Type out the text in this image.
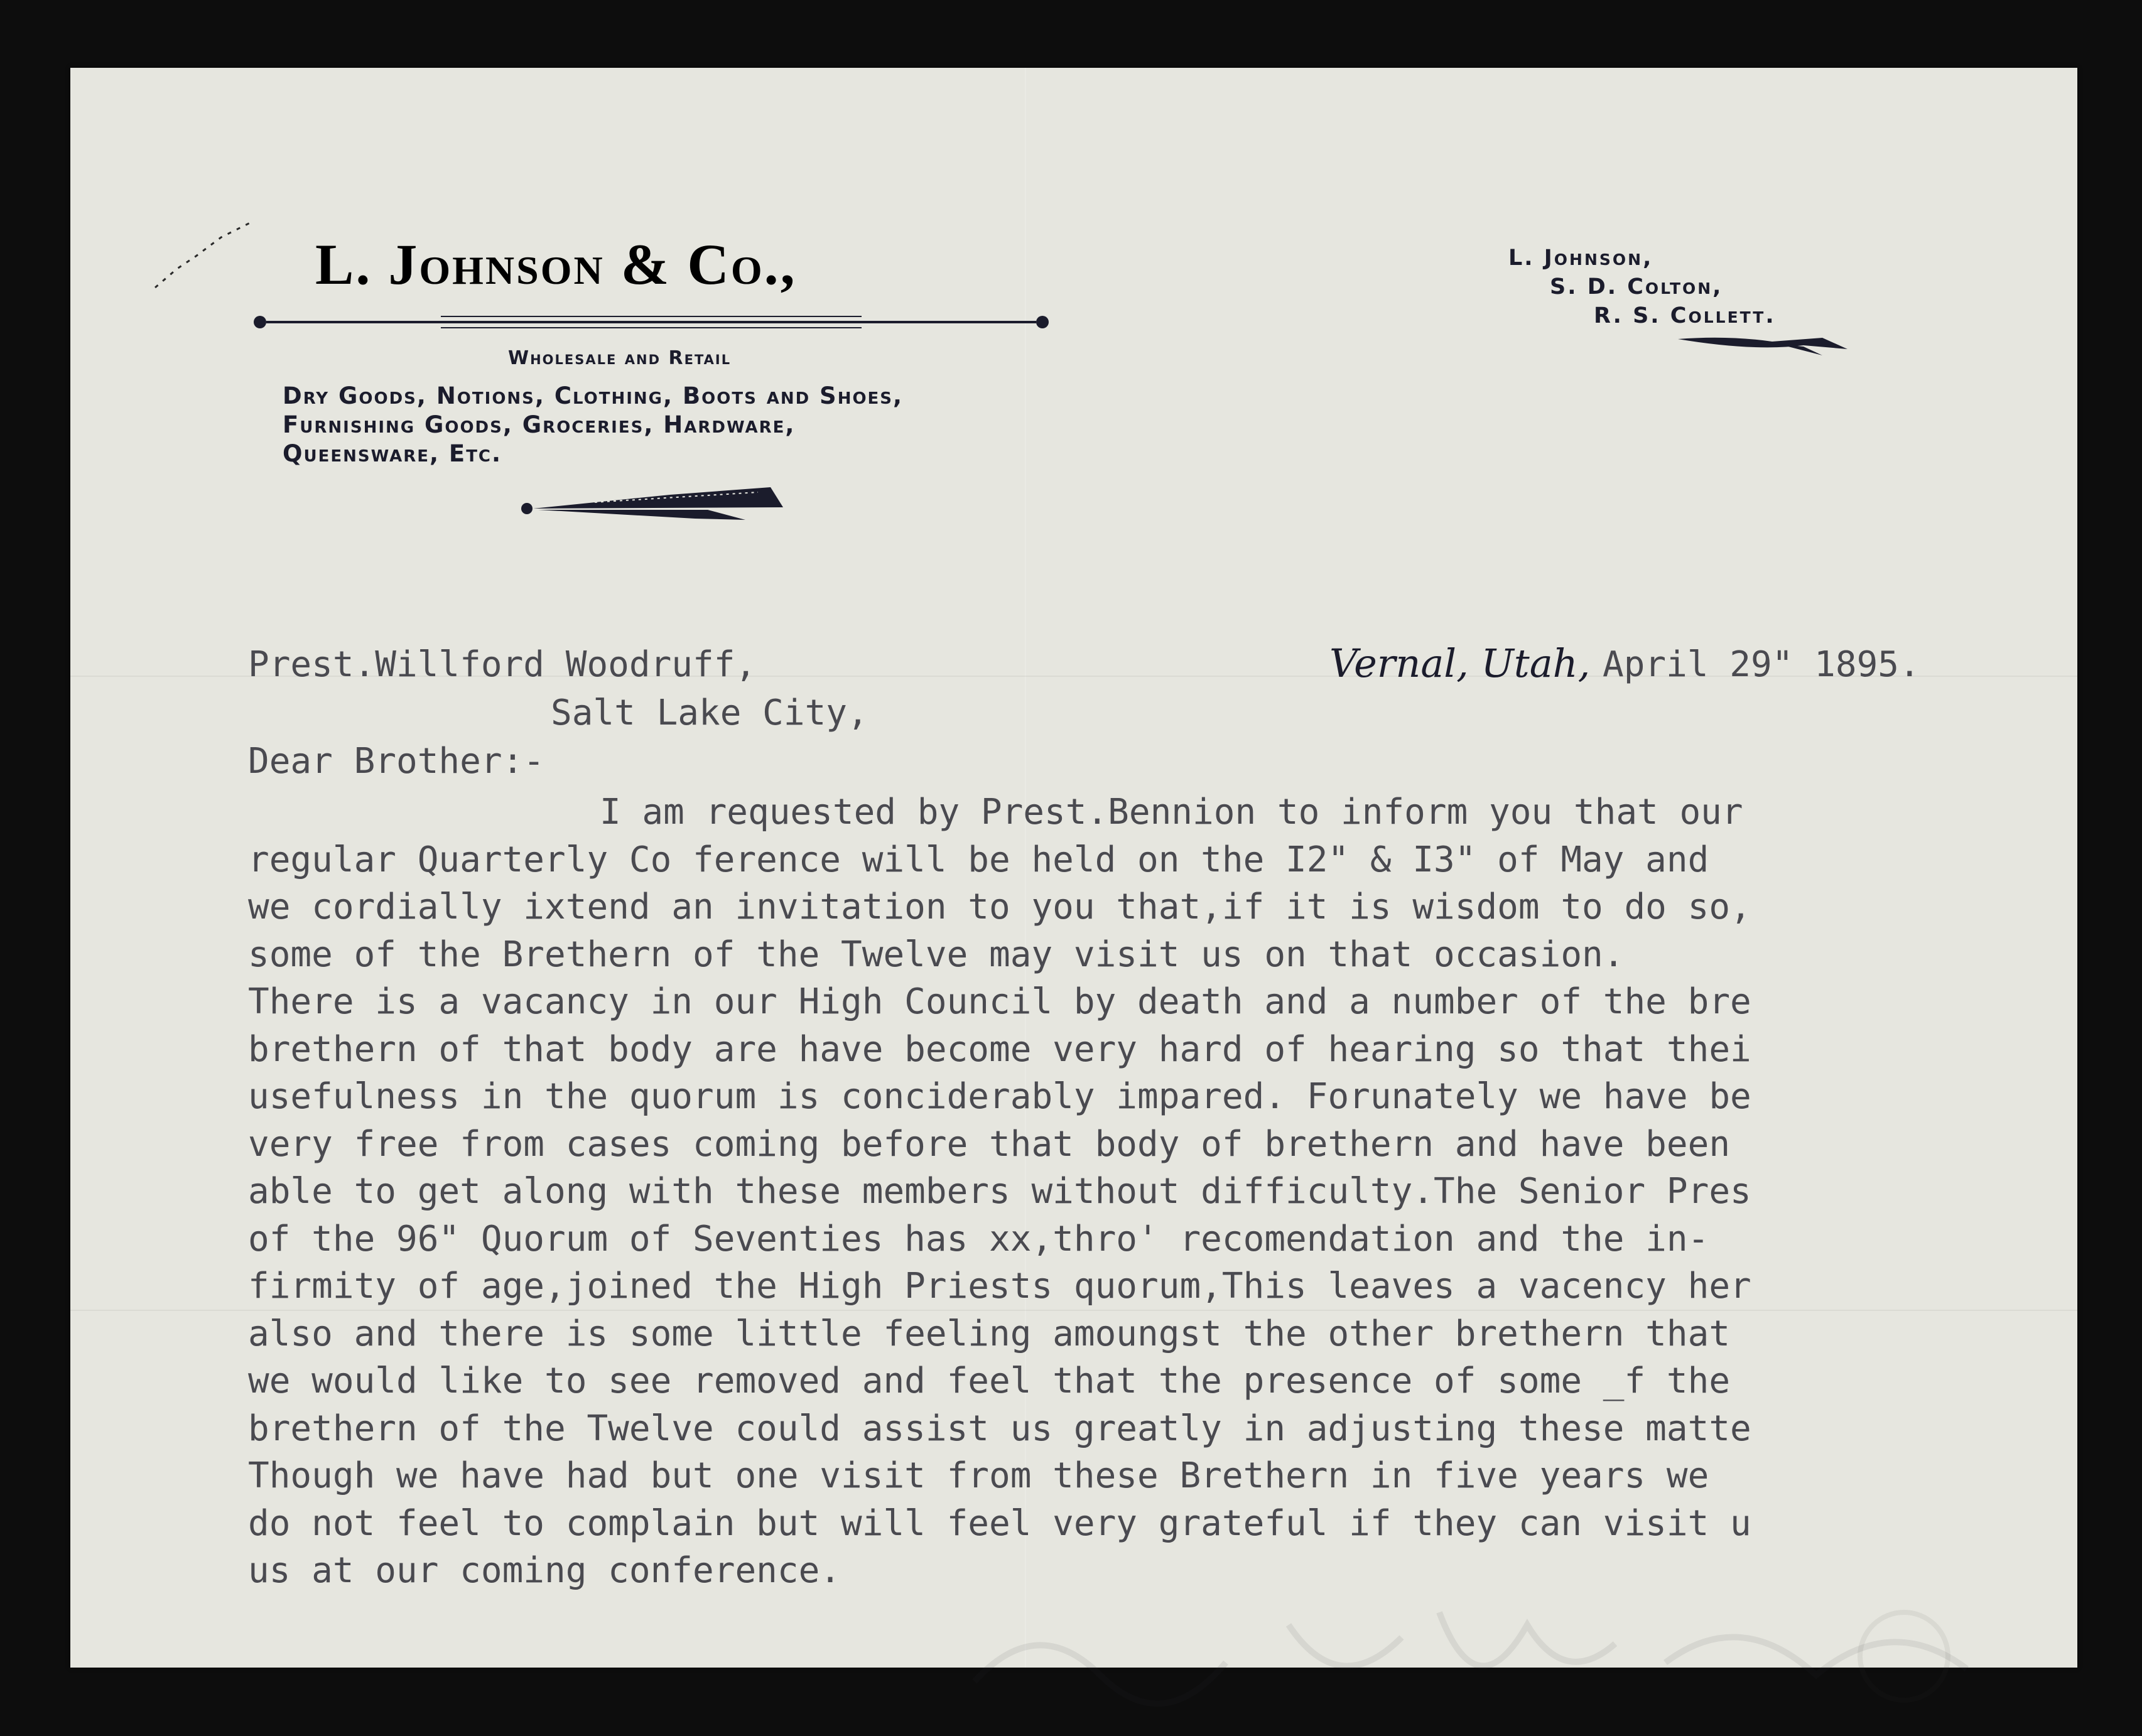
L. Johnson & Co.,
Wholesale and Retail
Dry Goods, Notions, Clothing, Boots and Shoes,
Furnishing Goods, Groceries, Hardware,
Queensware, Etc.
L. Johnson,
S. D. Colton,
R. S. Collett.
Prest.Willford Woodruff,
Salt Lake City,
Vernal, Utah, April 29" 1895.
Dear Brother:-
I am requested by Prest.Bennion to inform you that our
regular Quarterly Co ference will be held on the I2" & I3" of May and
we cordially ixtend an invitation to you that,if it is wisdom to do so,
some of the Brethern of the Twelve may visit us on that occasion.
There is a vacancy in our High Council by death and a number of the bre
brethern of that body are have become very hard of hearing so that thei
usefulness in the quorum is conciderably impared. Forunately we have be
very free from cases coming before that body of brethern and have been
able to get along with these members without difficulty.The Senior Pres
of the 96" Quorum of Seventies has xx,thro' recomendation and the in-
firmity of age,joined the High Priests quorum,This leaves a vacency her
also and there is some little feeling amoungst the other brethern that
we would like to see removed and feel that the presence of some _f the
brethern of the Twelve could assist us greatly in adjusting these matte
Though we have had but one visit from these Brethern in five years we
do not feel to complain but will feel very grateful if they can visit u
us at our coming conference.
